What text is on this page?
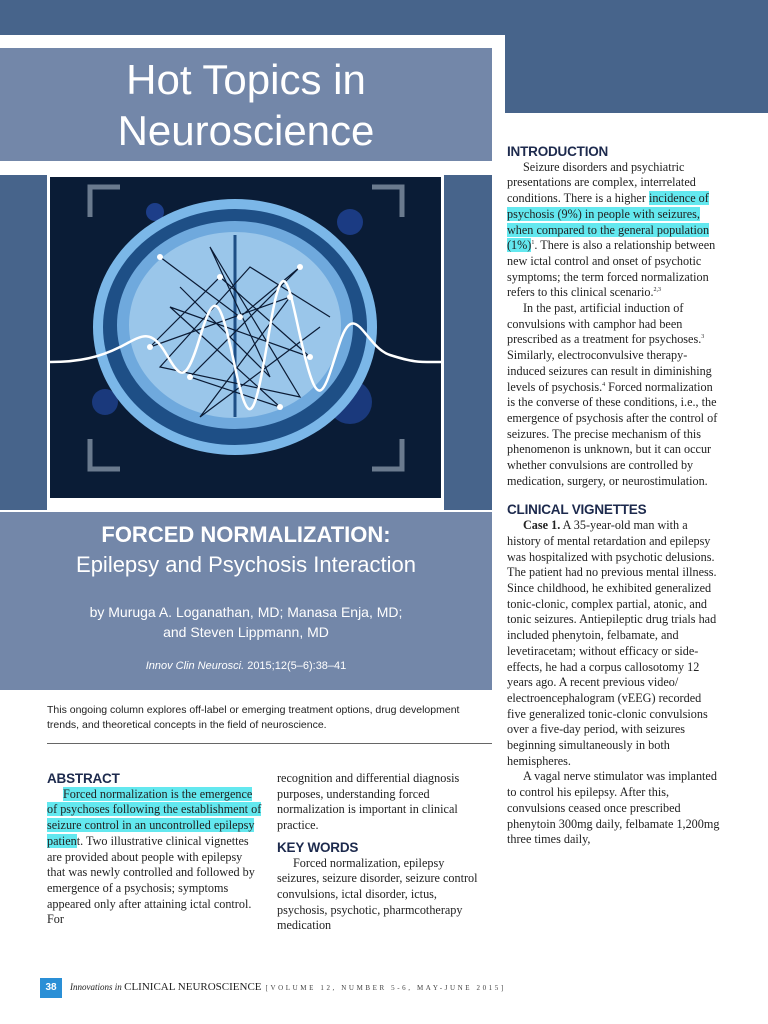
Hot Topics in
Neuroscience
FORCED NORMALIZATION:
Epilepsy and Psychosis Interaction
by Muruga A. Loganathan, MD; Manasa Enja, MD;
and Steven Lippmann, MD
Innov Clin Neurosci. 2015;12(5–6):38–41
This ongoing column explores off-label or emerging treatment options, drug development trends, and theoretical concepts in the field of neuroscience.
ABSTRACT

Forced normalization is the emergence of psychoses following the establishment of seizure control in an uncontrolled epilepsy patient. Two illustrative clinical vignettes are provided about people with epilepsy that was newly controlled and followed by emergence of a psychosis; symptoms appeared only after attaining ictal control. For

recognition and differential diagnosis purposes, understanding forced normalization is important in clinical practice.

KEY WORDS

Forced normalization, epilepsy seizures, seizure disorder, seizure control convulsions, ictal disorder, ictus, psychosis, psychotic, pharmcotherapy medication

INTRODUCTION

Seizure disorders and psychiatric presentations are complex, interrelated conditions. There is a higher incidence of psychosis (9%) in people with seizures, when compared to the general population $(1\%)^1$. There is also a relationship between new ictal control and onset of psychotic symptoms; the term forced normalization refers to this clinical scenario.$^{2,3}$

In the past, artificial induction of convulsions with camphor had been prescribed as a treatment for psychoses.$^3$ Similarly, electroconvulsive therapy-induced seizures can result in diminishing levels of psychosis.$^4$ Forced normalization is the converse of these conditions, i.e., the emergence of psychosis after the control of seizures. The precise mechanism of this phenomenon is unknown, but it can occur whether convulsions are controlled by medication, surgery, or neurostimulation.

CLINICAL VIGNETTES

Case 1. A 35-year-old man with a history of mental retardation and epilepsy was hospitalized with psychotic delusions. The patient had no previous mental illness. Since childhood, he exhibited generalized tonic-clonic, complex partial, atonic, and tonic seizures. Antiepileptic drug trials had included phenytoin, felbamate, and levetiracetam; without efficacy or side-effects, he had a corpus callosotomy 12 years ago. A recent previous video/ electroencephalogram (vEEG) recorded five generalized tonic-clonic convulsions over a five-day period, with seizures beginning simultaneously in both hemispheres.

A vagal nerve stimulator was implanted to control his epilepsy. After this, convulsions ceased once prescribed phenytoin 300mg daily, felbamate 1,200mg three times daily,

38	Innovations in CLINICAL NEUROSCIENCE [VOLUME 12, NUMBER 5-6, MAY-JUNE 2015]
